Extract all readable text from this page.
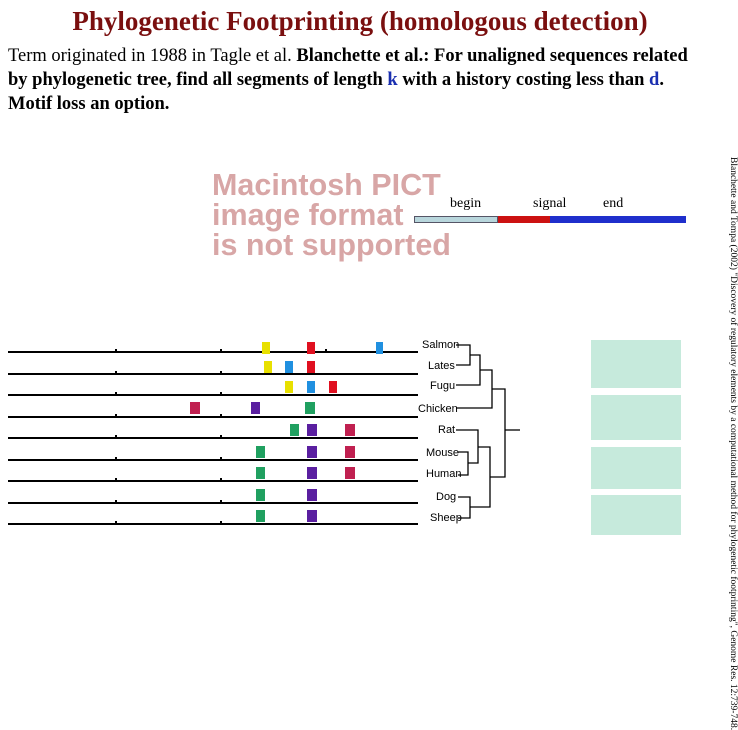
Phylogenetic Footprinting (homologous detection)
Term originated in 1988 in Tagle et al. Blanchette et al.: For unaligned sequences related by phylogenetic tree, find all segments of length k with a history costing less than d. Motif loss an option.
Macintosh PICT
image format
is not supported
begin	signal	end
Salmon
Lates
Fugu
Chicken
Rat
Mouse
Human
Dog
Sheep	Blanchette and Tompa (2002) "Discovery of regulatory elements by a computational method for phylogenetic footprinting", Genome Res. 12:739-748.
